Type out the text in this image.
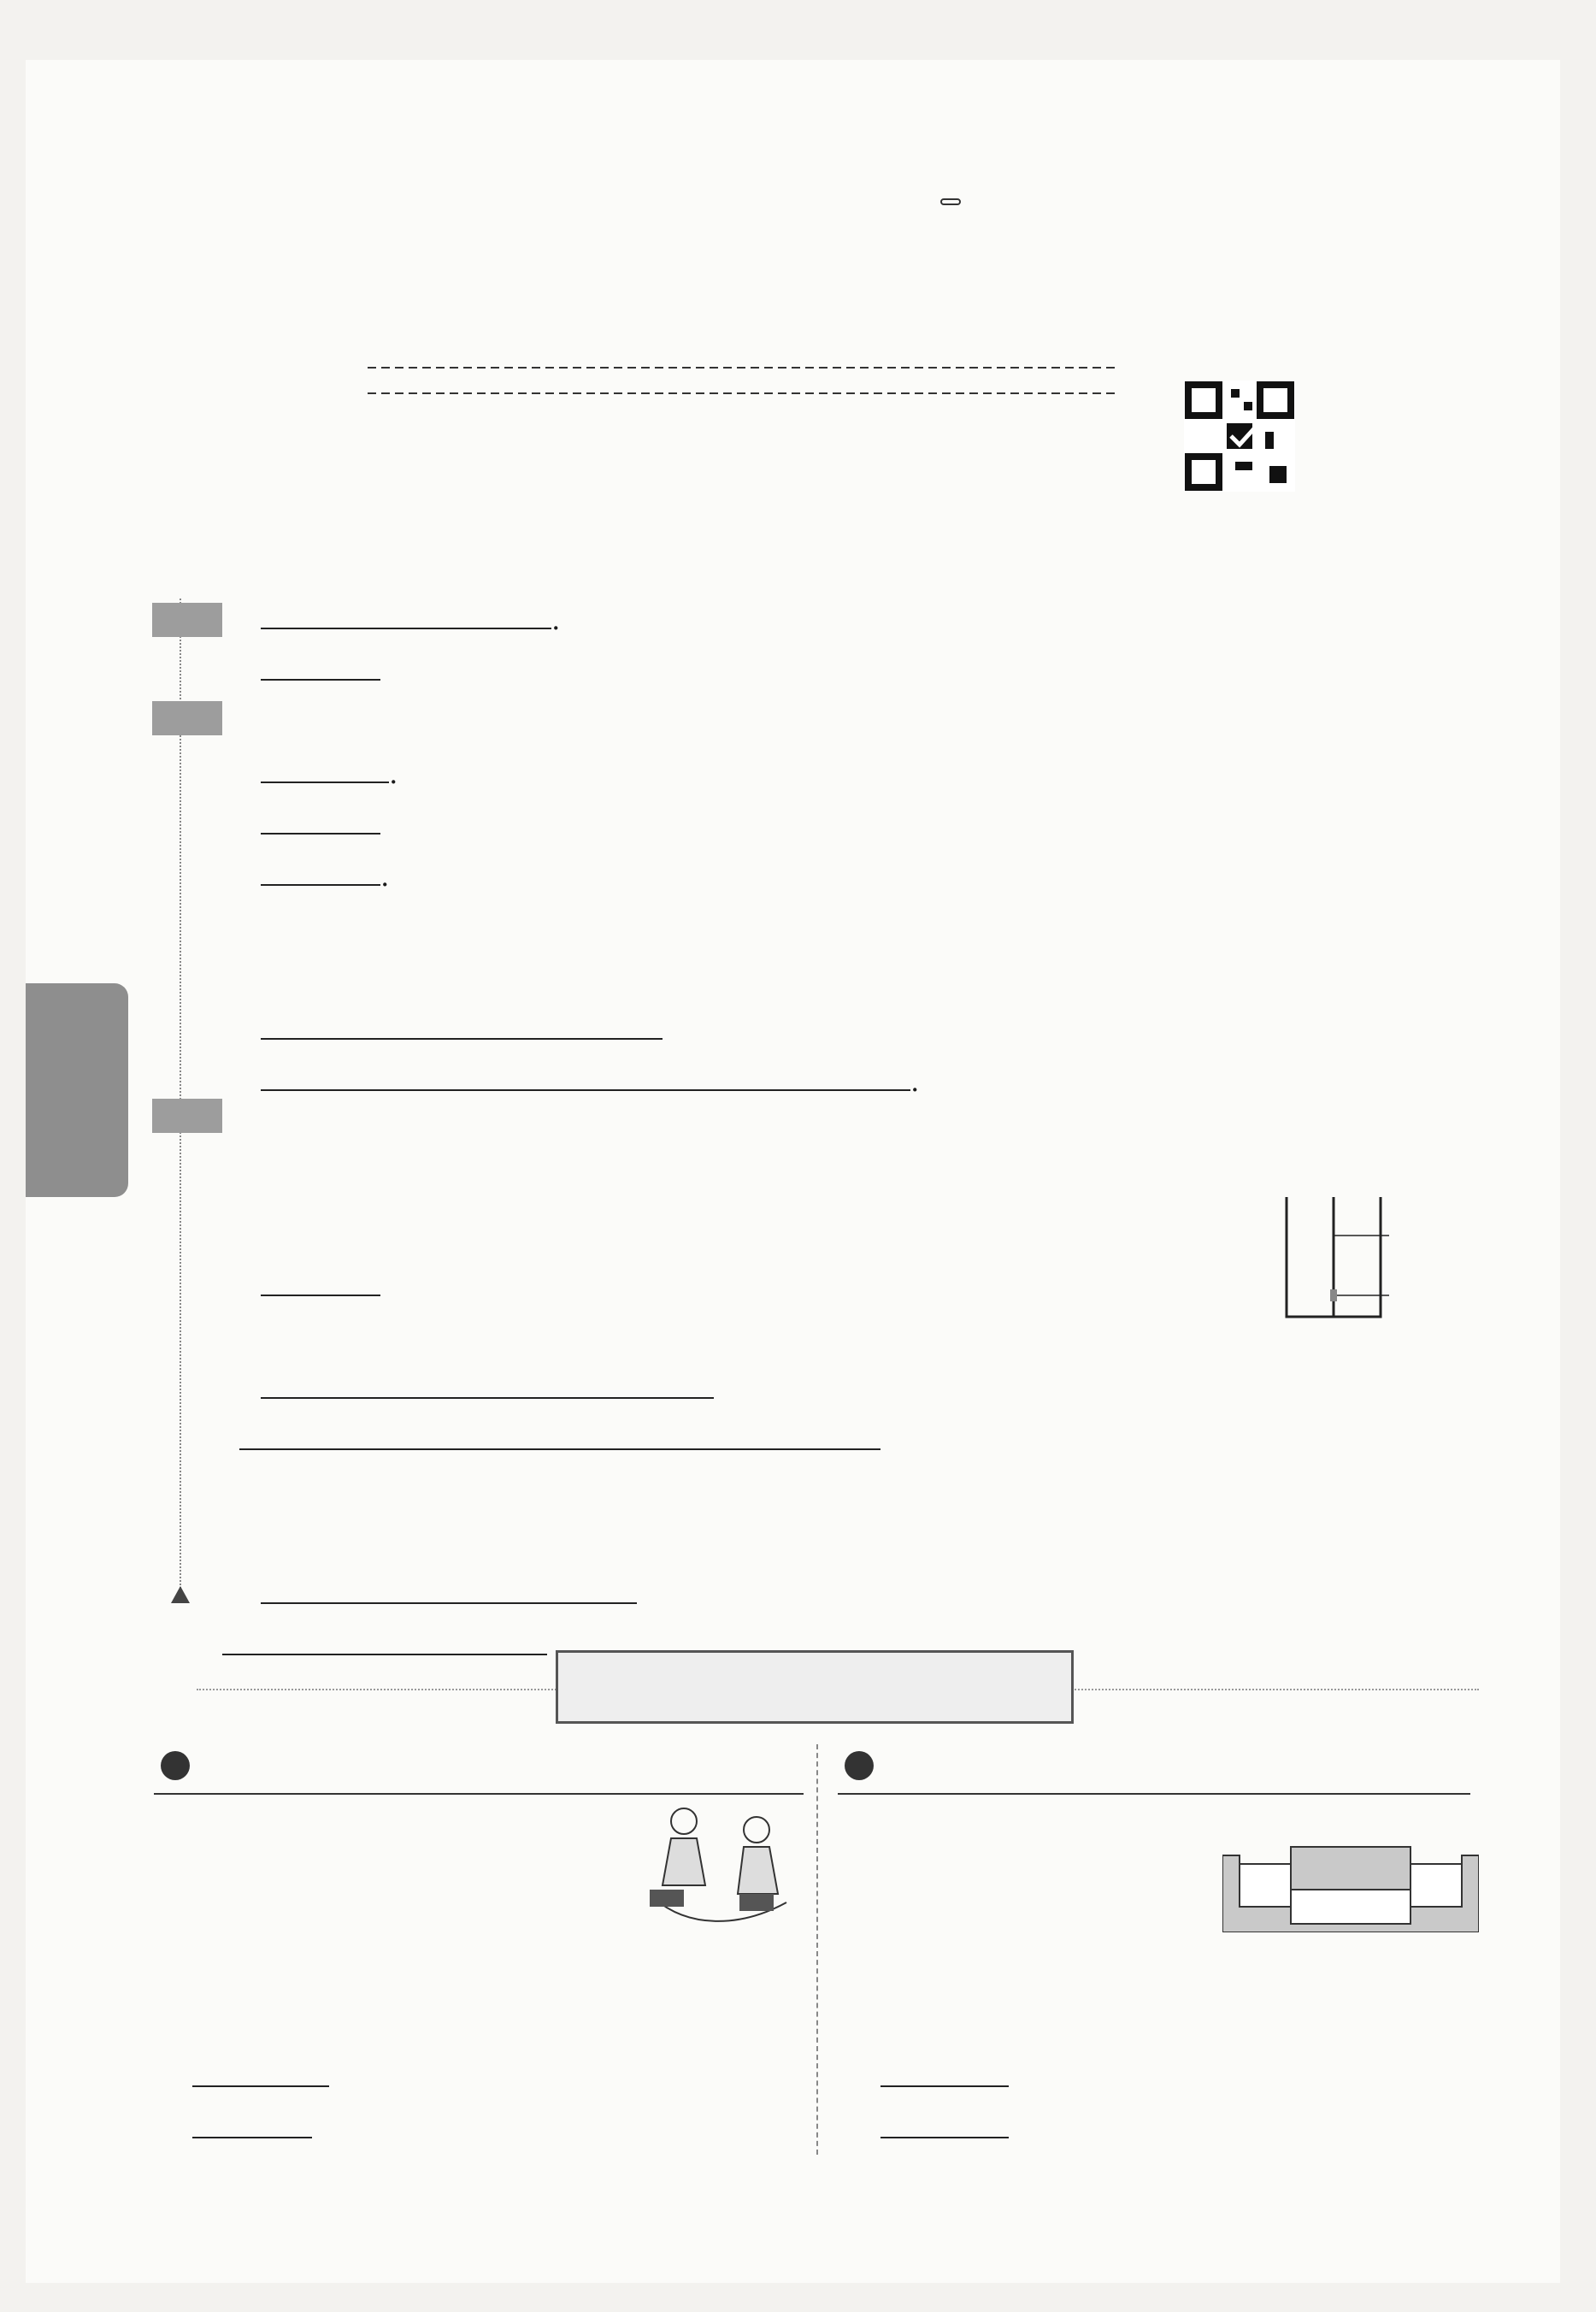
.
.
.
.
